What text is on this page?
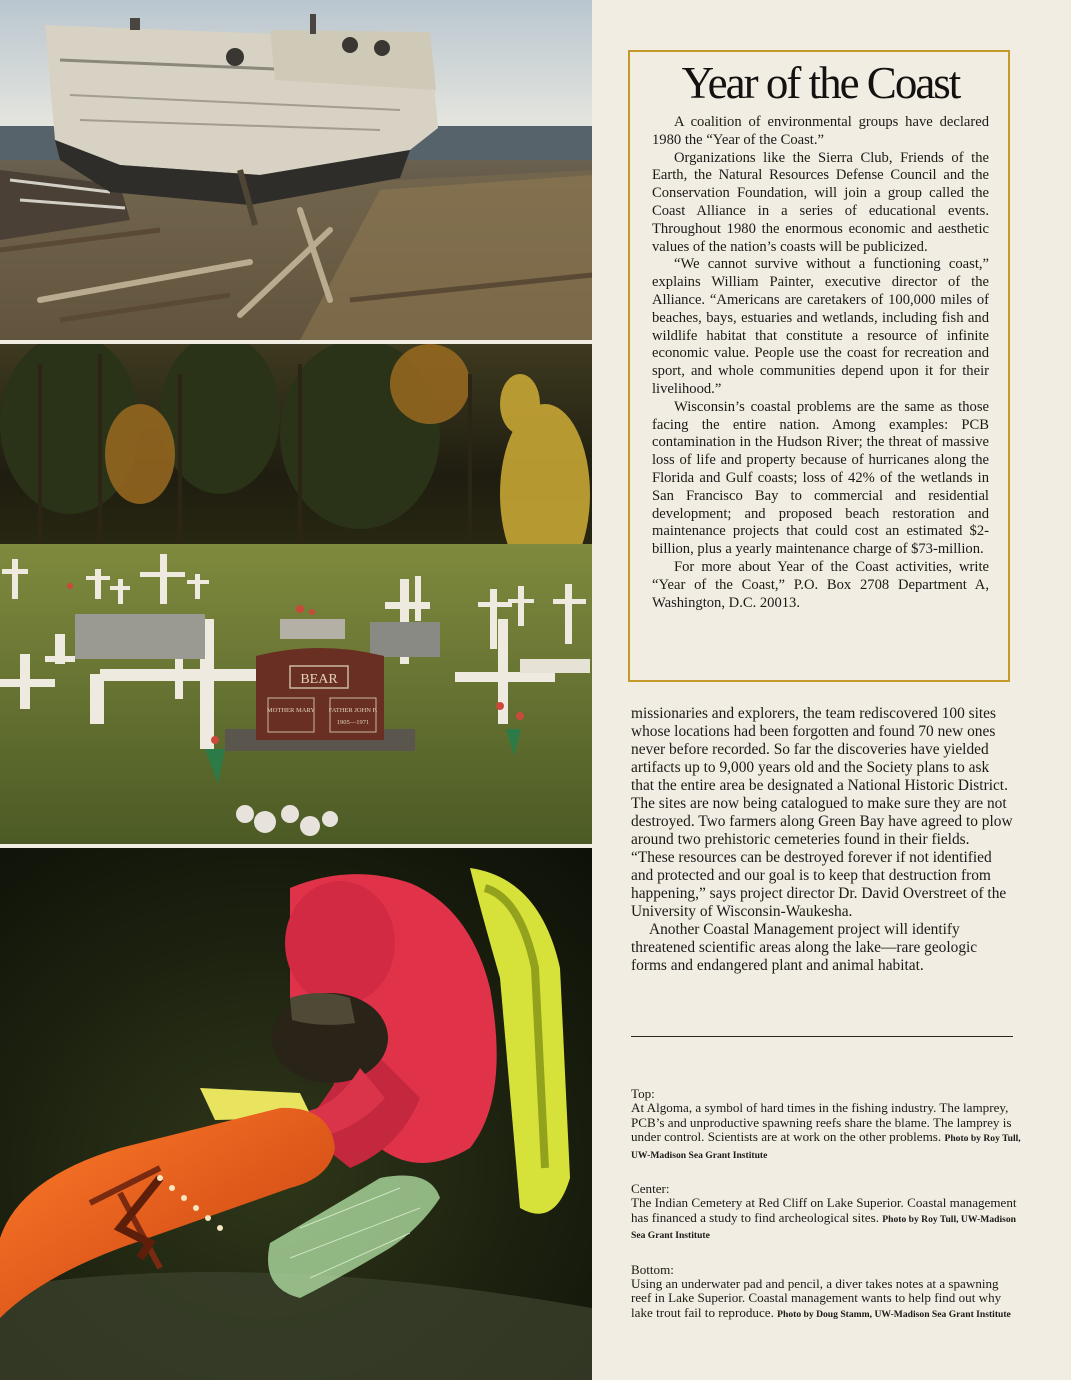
BEAR
MOTHER MARY FATHER JOHN F.
1905—1971
Year of the Coast

A coalition of environmental groups have declared 1980 the “Year of the Coast.”

Organizations like the Sierra Club, Friends of the Earth, the Natural Resources Defense Council and the Conservation Foundation, will join a group called the Coast Alliance in a series of educational events. Throughout 1980 the enormous economic and aesthetic values of the nation’s coasts will be publicized.

“We cannot survive without a functioning coast,” explains William Painter, executive director of the Alliance. “Americans are caretakers of 100,000 miles of beaches, bays, estuaries and wetlands, including fish and wildlife habitat that constitute a resource of infinite economic value. People use the coast for recreation and sport, and whole communities depend upon it for their livelihood.”

Wisconsin’s coastal problems are the same as those facing the entire nation. Among examples: PCB contamination in the Hudson River; the threat of massive loss of life and property because of hurricanes along the Florida and Gulf coasts; loss of 42% of the wetlands in San Francisco Bay to commercial and residential development; and proposed beach restoration and maintenance projects that could cost an estimated $2-billion, plus a yearly maintenance charge of $73-million.

For more about Year of the Coast activities, write “Year of the Coast,” P.O. Box 2708 Department A, Washington, D.C. 20013.

missionaries and explorers, the team rediscovered 100 sites whose locations had been forgotten and found 70 new ones never before recorded. So far the discoveries have yielded artifacts up to 9,000 years old and the Society plans to ask that the entire area be designated a National Historic District. The sites are now being catalogued to make sure they are not destroyed. Two farmers along Green Bay have agreed to plow around two prehistoric cemeteries found in their fields. “These resources can be destroyed forever if not identified and protected and our goal is to keep that destruction from happening,” says project director Dr. David Overstreet of the University of Wisconsin-Waukesha.

Another Coastal Management project will identify threatened scientific areas along the lake—rare geologic forms and endangered plant and animal habitat.

Top:
At Algoma, a symbol of hard times in the fishing industry. The lamprey, PCB’s and unproductive spawning reefs share the blame. The lamprey is under control. Scientists are at work on the other problems. Photo by Roy Tull, UW-Madison Sea Grant Institute
Center:
The Indian Cemetery at Red Cliff on Lake Superior. Coastal management has financed a study to find archeological sites. Photo by Roy Tull, UW-Madison Sea Grant Institute
Bottom:
Using an underwater pad and pencil, a diver takes notes at a spawning reef in Lake Superior. Coastal management wants to help find out why lake trout fail to reproduce. Photo by Doug Stamm, UW-Madison Sea Grant Institute
